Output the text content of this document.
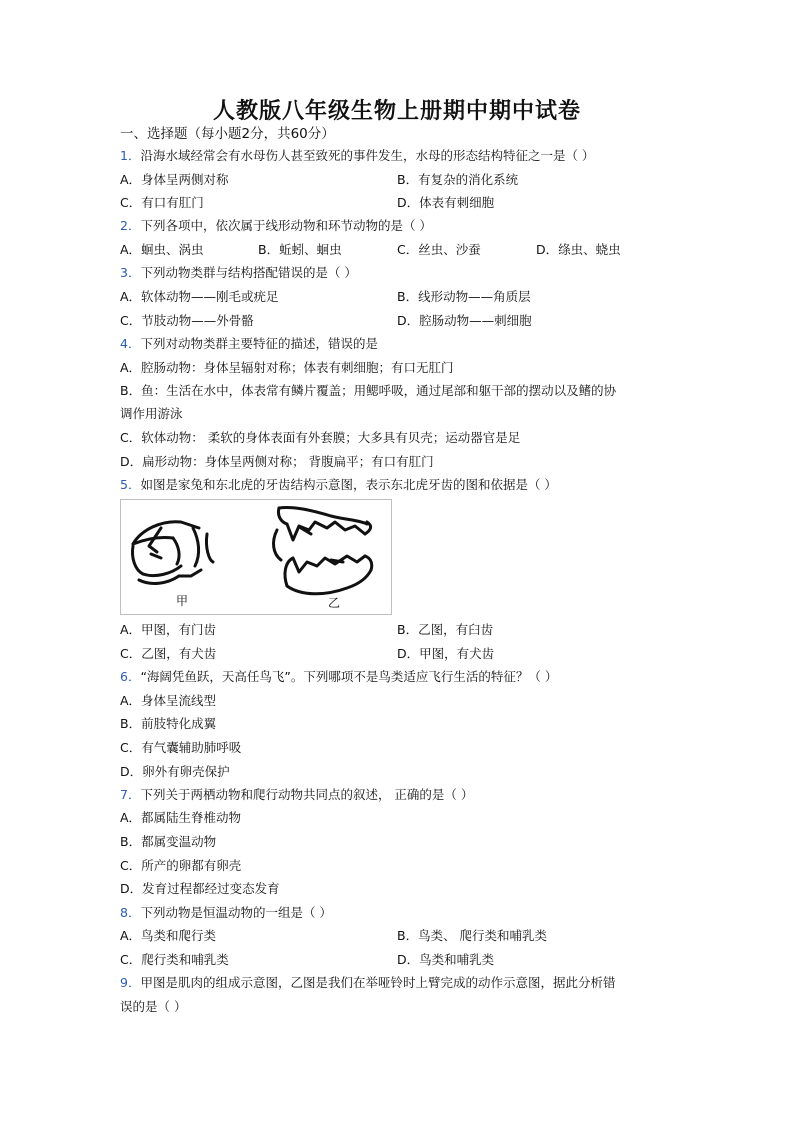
人教版八年级生物上册期中期中试卷
一、选择题（每小题2分，共60分）
1．沿海水域经常会有水母伤人甚至致死的事件发生，水母的形态结构特征之一是（ ）
A．身体呈两侧对称	B．有复杂的消化系统
C．有口有肛门	D．体表有刺细胞
2．下列各项中，依次属于线形动物和环节动物的是（ ）
A．蛔虫、涡虫	B．蚯蚓、蛔虫	C．丝虫、沙蚕	D．绦虫、蛲虫
3．下列动物类群与结构搭配错误的是（ ）
A．软体动物——刚毛或疣足	B．线形动物——角质层
C．节肢动物——外骨骼	D．腔肠动物——刺细胞
4．下列对动物类群主要特征的描述，错误的是
A．腔肠动物：身体呈辐射对称；体表有刺细胞；有口无肛门
B．鱼：生活在水中，体表常有鳞片覆盖；用鳃呼吸，通过尾部和躯干部的摆动以及鳍的协
调作用游泳
C．软体动物： 柔软的身体表面有外套膜；大多具有贝壳；运动器官是足
D．扁形动物：身体呈两侧对称； 背腹扁平；有口有肛门
5．如图是家兔和东北虎的牙齿结构示意图，表示东北虎牙齿的图和依据是（ ）
甲	乙
A．甲图，有门齿	B．乙图，有臼齿
C．乙图，有犬齿	D．甲图，有犬齿
6．“海阔凭鱼跃，天高任鸟飞”。下列哪项不是鸟类适应飞行生活的特征？（ ）
A．身体呈流线型
B．前肢特化成翼
C．有气囊辅助肺呼吸
D．卵外有卵壳保护
7．下列关于两栖动物和爬行动物共同点的叙述， 正确的是（ ）
A．都属陆生脊椎动物
B．都属变温动物
C．所产的卵都有卵壳
D．发育过程都经过变态发育
8．下列动物是恒温动物的一组是（ ）
A．鸟类和爬行类	B．鸟类、 爬行类和哺乳类
C．爬行类和哺乳类	D．鸟类和哺乳类
9．甲图是肌肉的组成示意图，乙图是我们在举哑铃时上臂完成的动作示意图，据此分析错
误的是（ ）
